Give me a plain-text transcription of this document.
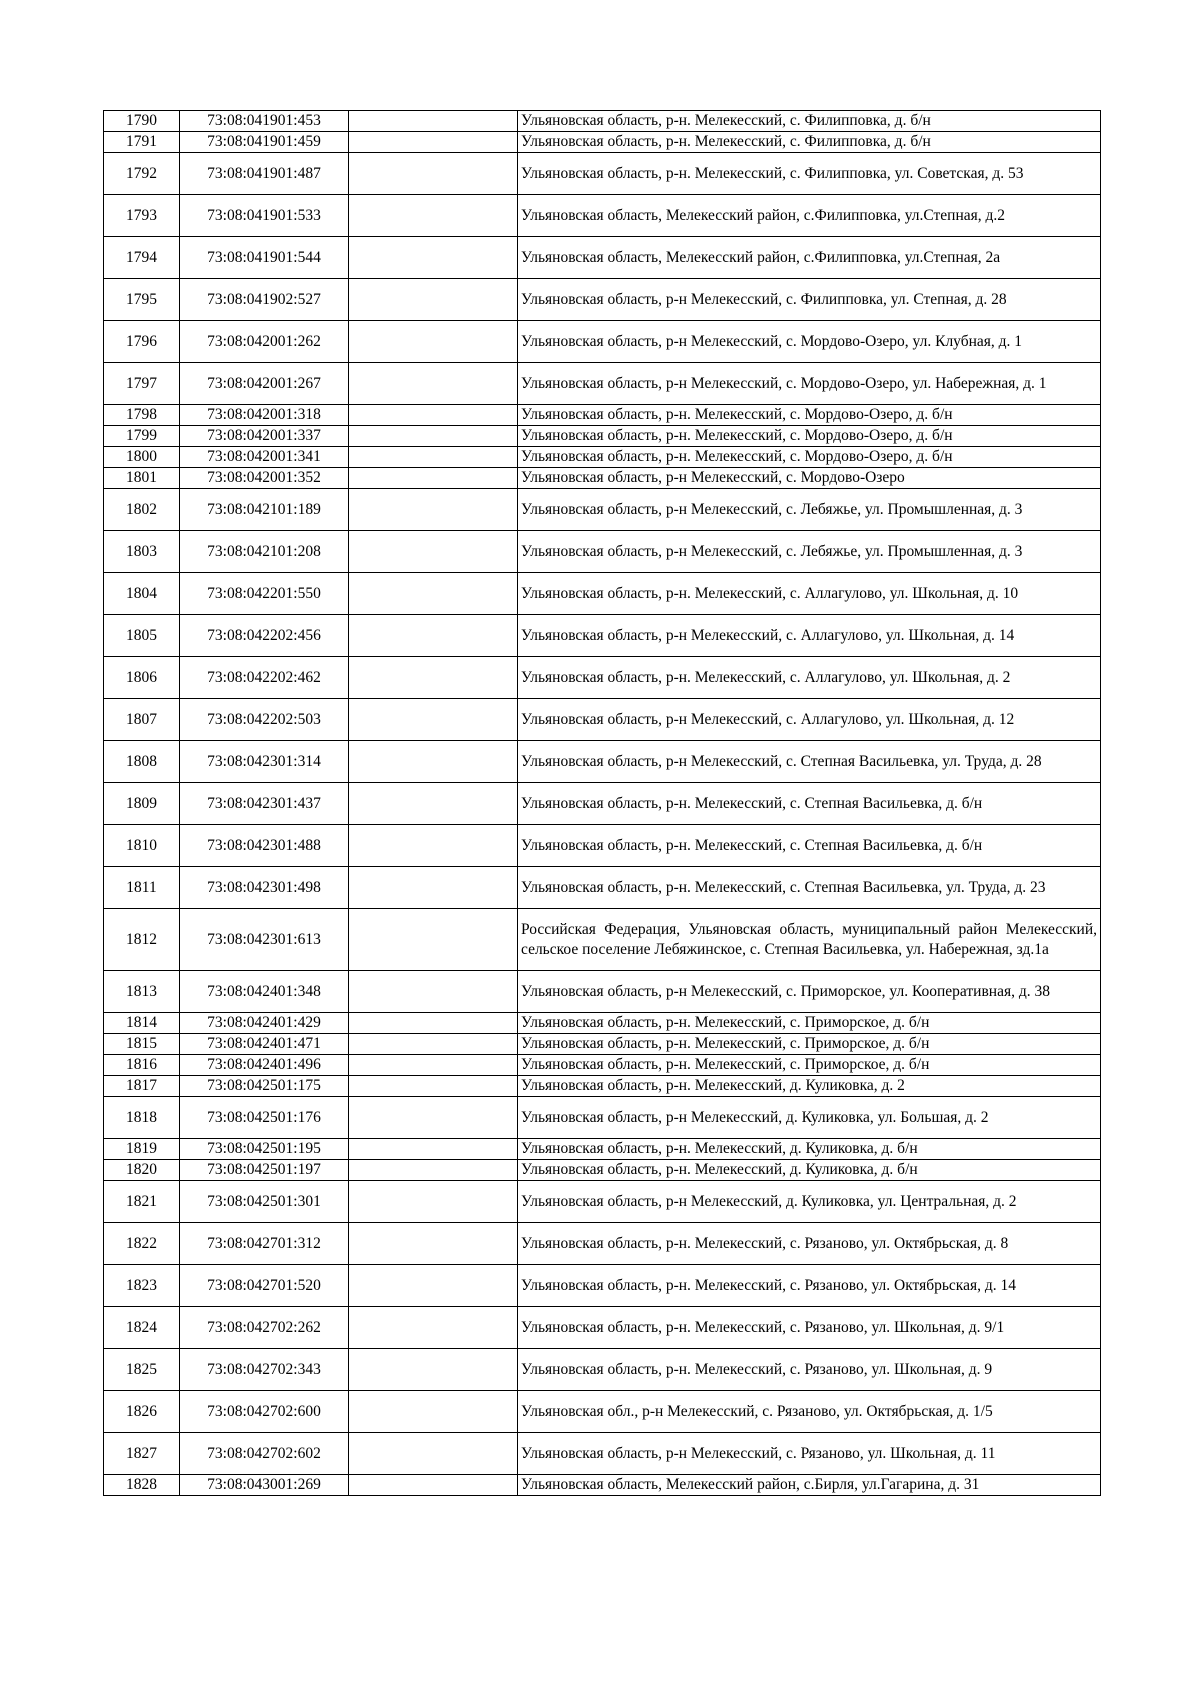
1790	73:08:041901:453		Ульяновская область, р-н. Мелекесский, с. Филипповка, д. б/н
1791	73:08:041901:459		Ульяновская область, р-н. Мелекесский, с. Филипповка, д. б/н
1792	73:08:041901:487		Ульяновская область, р-н. Мелекесский, с. Филипповка, ул. Советская, д. 53
1793	73:08:041901:533		Ульяновская область, Мелекесский район, с.Филипповка, ул.Степная, д.2
1794	73:08:041901:544		Ульяновская область, Мелекесский район, с.Филипповка, ул.Степная, 2а
1795	73:08:041902:527		Ульяновская область, р-н Мелекесский, с. Филипповка, ул. Степная, д. 28
1796	73:08:042001:262		Ульяновская область, р-н Мелекесский, с. Мордово-Озеро, ул. Клубная, д. 1
1797	73:08:042001:267		Ульяновская область, р-н Мелекесский, с. Мордово-Озеро, ул. Набережная, д. 1
1798	73:08:042001:318		Ульяновская область, р-н. Мелекесский, с. Мордово-Озеро, д. б/н
1799	73:08:042001:337		Ульяновская область, р-н. Мелекесский, с. Мордово-Озеро, д. б/н
1800	73:08:042001:341		Ульяновская область, р-н. Мелекесский, с. Мордово-Озеро, д. б/н
1801	73:08:042001:352		Ульяновская область, р-н Мелекесский, с. Мордово-Озеро
1802	73:08:042101:189		Ульяновская область, р-н Мелекесский, с. Лебяжье, ул. Промышленная, д. 3
1803	73:08:042101:208		Ульяновская область, р-н Мелекесский, с. Лебяжье, ул. Промышленная, д. 3
1804	73:08:042201:550		Ульяновская область, р-н. Мелекесский, с. Аллагулово, ул. Школьная, д. 10
1805	73:08:042202:456		Ульяновская область, р-н Мелекесский, с. Аллагулово, ул. Школьная, д. 14
1806	73:08:042202:462		Ульяновская область, р-н. Мелекесский, с. Аллагулово, ул. Школьная, д. 2
1807	73:08:042202:503		Ульяновская область, р-н Мелекесский, с. Аллагулово, ул. Школьная, д. 12
1808	73:08:042301:314		Ульяновская область, р-н Мелекесский, с. Степная Васильевка, ул. Труда, д. 28
1809	73:08:042301:437		Ульяновская область, р-н. Мелекесский, с. Степная Васильевка, д. б/н
1810	73:08:042301:488		Ульяновская область, р-н. Мелекесский, с. Степная Васильевка, д. б/н
1811	73:08:042301:498		Ульяновская область, р-н. Мелекесский, с. Степная Васильевка, ул. Труда, д. 23
1812	73:08:042301:613		Российская Федерация, Ульяновская область, муниципальный район Мелекесский, сельское поселение Лебяжинское, с. Степная Васильевка, ул. Набережная, зд.1а
1813	73:08:042401:348		Ульяновская область, р-н Мелекесский, с. Приморское, ул. Кооперативная, д. 38
1814	73:08:042401:429		Ульяновская область, р-н. Мелекесский, с. Приморское, д. б/н
1815	73:08:042401:471		Ульяновская область, р-н. Мелекесский, с. Приморское, д. б/н
1816	73:08:042401:496		Ульяновская область, р-н. Мелекесский, с. Приморское, д. б/н
1817	73:08:042501:175		Ульяновская область, р-н. Мелекесский, д. Куликовка, д. 2
1818	73:08:042501:176		Ульяновская область, р-н Мелекесский, д. Куликовка, ул. Большая, д. 2
1819	73:08:042501:195		Ульяновская область, р-н. Мелекесский, д. Куликовка, д. б/н
1820	73:08:042501:197		Ульяновская область, р-н. Мелекесский, д. Куликовка, д. б/н
1821	73:08:042501:301		Ульяновская область, р-н Мелекесский, д. Куликовка, ул. Центральная, д. 2
1822	73:08:042701:312		Ульяновская область, р-н. Мелекесский, с. Рязаново, ул. Октябрьская, д. 8
1823	73:08:042701:520		Ульяновская область, р-н. Мелекесский, с. Рязаново, ул. Октябрьская, д. 14
1824	73:08:042702:262		Ульяновская область, р-н. Мелекесский, с. Рязаново, ул. Школьная, д. 9/1
1825	73:08:042702:343		Ульяновская область, р-н. Мелекесский, с. Рязаново, ул. Школьная, д. 9
1826	73:08:042702:600		Ульяновская обл., р-н Мелекесский, с. Рязаново, ул. Октябрьская, д. 1/5
1827	73:08:042702:602		Ульяновская область, р-н Мелекесский, с. Рязаново, ул. Школьная, д. 11
1828	73:08:043001:269		Ульяновская область, Мелекесский район, с.Бирля, ул.Гагарина, д. 31
